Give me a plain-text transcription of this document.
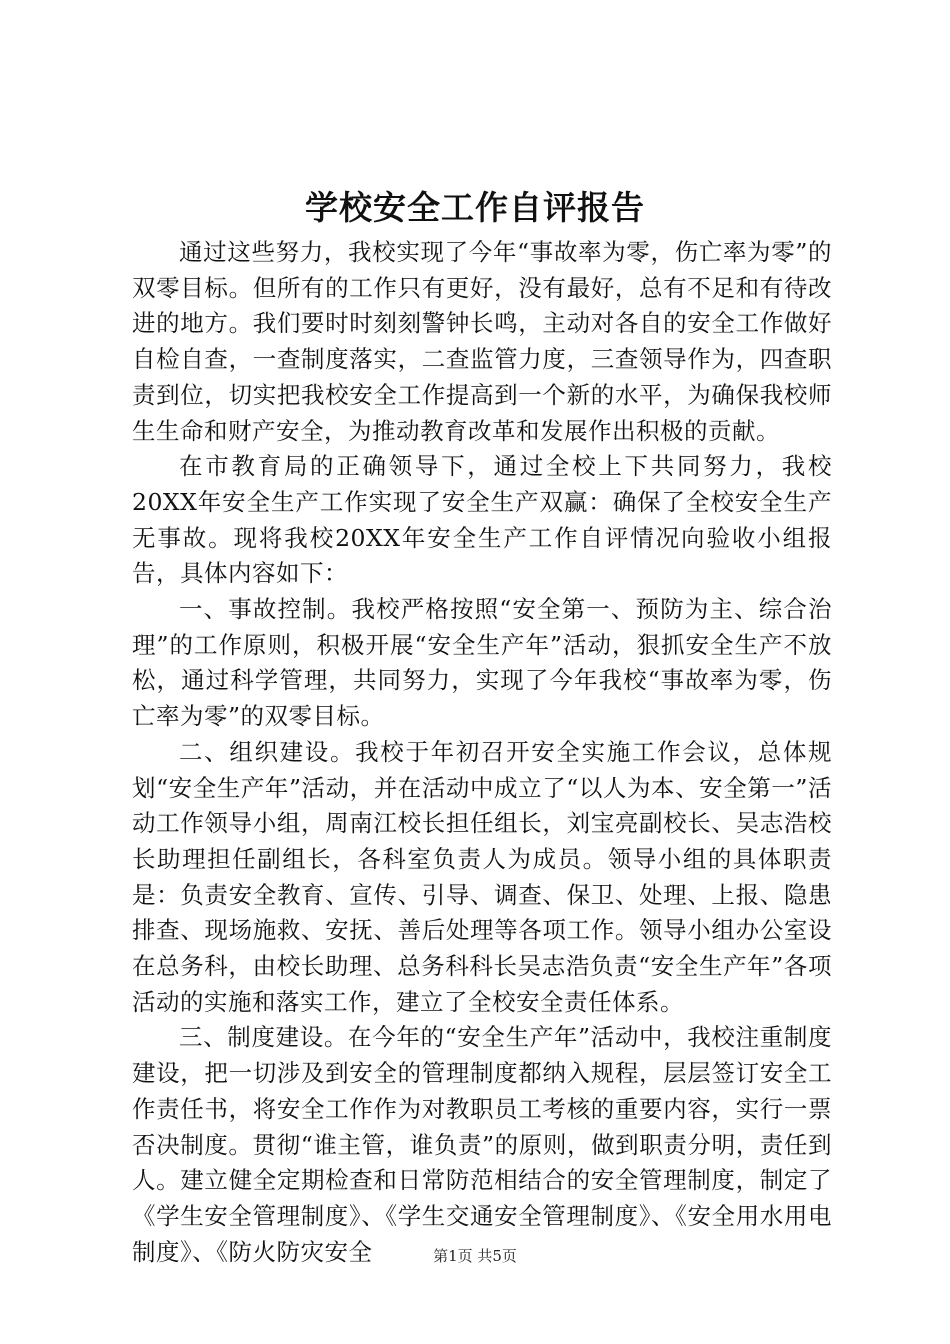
学校安全工作自评报告

通过这些努力，我校实现了今年“事故率为零，伤亡率为零”的双零目标。但所有的工作只有更好，没有最好，总有不足和有待改进的地方。我们要时时刻刻警钟长鸣，主动对各自的安全工作做好自检自查，一查制度落实，二查监管力度，三查领导作为，四查职责到位，切实把我校安全工作提高到一个新的水平，为确保我校师生生命和财产安全，为推动教育改革和发展作出积极的贡献。

在市教育局的正确领导下，通过全校上下共同努力，我校20XX年安全生产工作实现了安全生产双赢：确保了全校安全生产无事故。现将我校20XX年安全生产工作自评情况向验收小组报告，具体内容如下：

一、事故控制。我校严格按照“安全第一、预防为主、综合治理”的工作原则，积极开展“安全生产年”活动，狠抓安全生产不放松，通过科学管理，共同努力，实现了今年我校“事故率为零，伤亡率为零”的双零目标。

二、组织建设。我校于年初召开安全实施工作会议，总体规划“安全生产年”活动，并在活动中成立了“以人为本、安全第一”活动工作领导小组，周南江校长担任组长，刘宝亮副校长、吴志浩校长助理担任副组长，各科室负责人为成员。领导小组的具体职责是：负责安全教育、宣传、引导、调查、保卫、处理、上报、隐患排查、现场施救、安抚、善后处理等各项工作。领导小组办公室设在总务科，由校长助理、总务科科长吴志浩负责“安全生产年”各项活动的实施和落实工作，建立了全校安全责任体系。

三、制度建设。在今年的“安全生产年”活动中，我校注重制度建设，把一切涉及到安全的管理制度都纳入规程，层层签订安全工作责任书，将安全工作作为对教职员工考核的重要内容，实行一票否决制度。贯彻“谁主管，谁负责”的原则，做到职责分明，责任到人。建立健全定期检查和日常防范相结合的安全管理制度，制定了《学生安全管理制度》、《学生交通安全管理制度》、《安全用水用电制度》、《防火防灾安全	第1页 共5页
